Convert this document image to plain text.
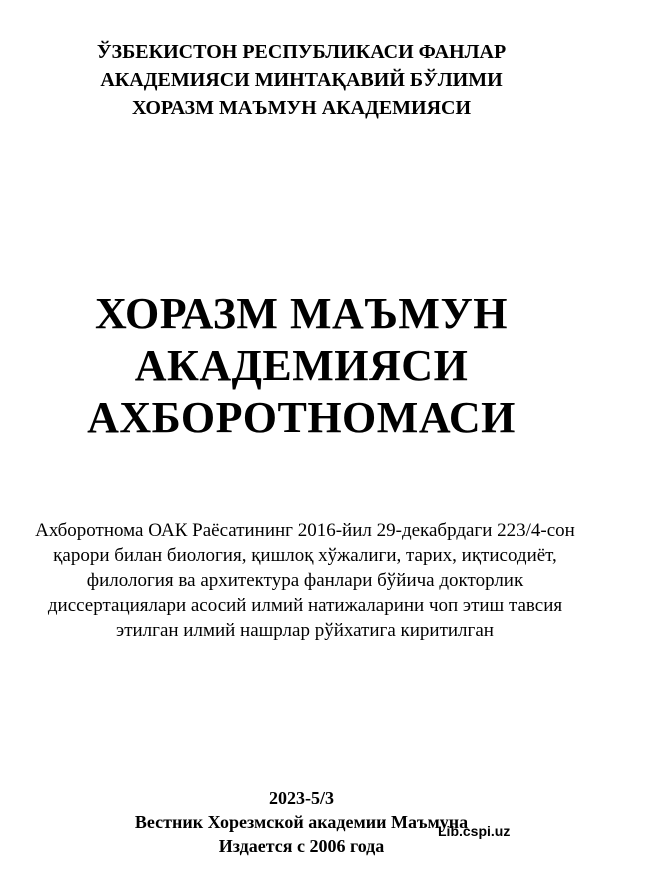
ЎЗБЕКИСТОН РЕСПУБЛИКАСИ ФАНЛАР
АКАДЕМИЯСИ МИНТАҚАВИЙ БЎЛИМИ
ХОРАЗМ МАЪМУН АКАДЕМИЯСИ
ХОРАЗМ МАЪМУН
АКАДЕМИЯСИ
АХБОРОТНОМАСИ
Ахборотнома ОАК Раёсатининг 2016-йил 29-декабрдаги 223/4-сон
қарори билан биология, қишлоқ хўжалиги, тарих, иқтисодиёт,
филология ва архитектура фанлари бўйича докторлик
диссертациялари асосий илмий натижаларини чоп этиш тавсия
этилган илмий нашрлар рўйхатига киритилган
2023-5/3
Вестник Хорезмской академии Маъмуна
Издается с 2006 года
Lib.cspi.uz
